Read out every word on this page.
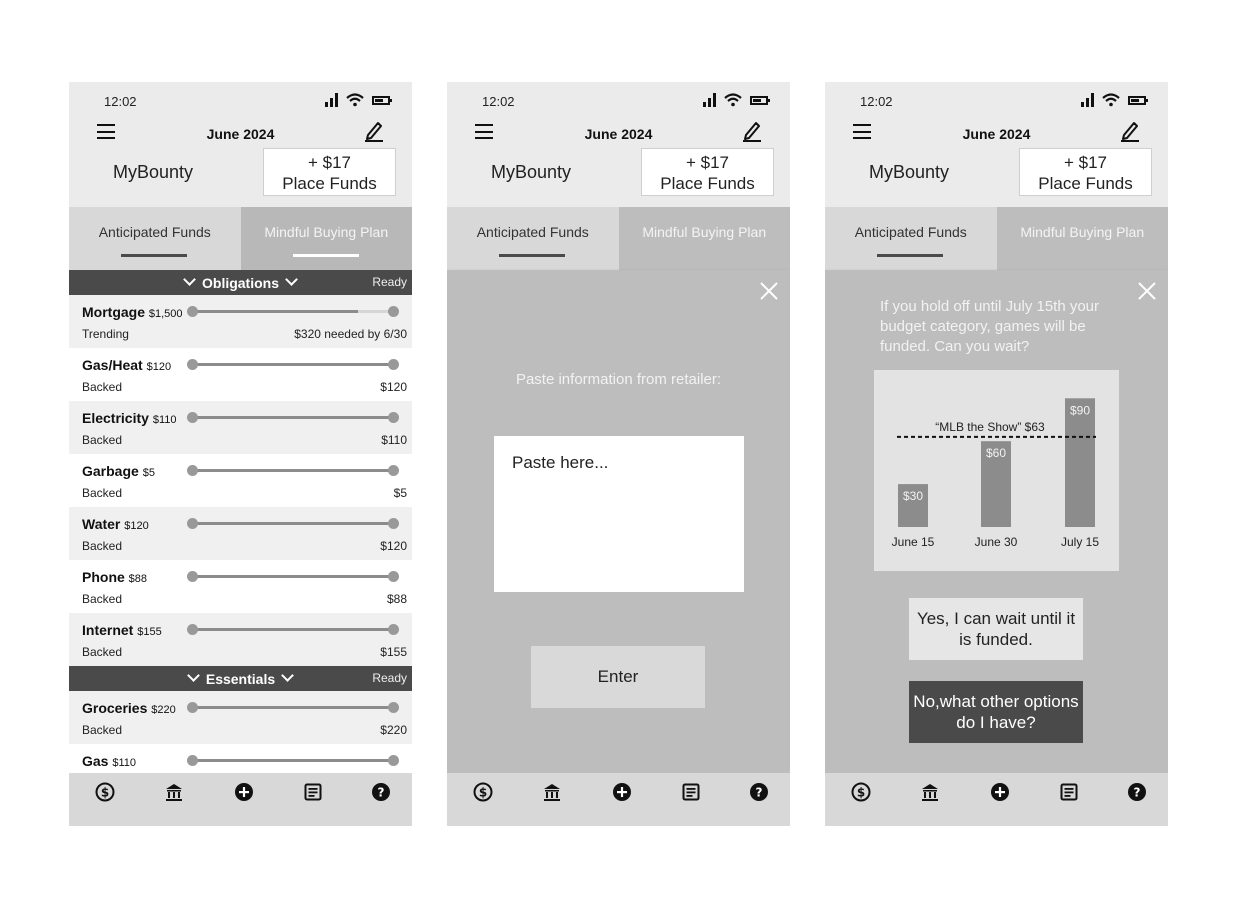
12:02
June 2024
MyBounty	+ $17
Place Funds
Anticipated Funds	Mindful Buying Plan
Obligations	Ready
Mortgage $1,500
Trending	$320 needed by 6/30
Gas/Heat $120
Backed	$120
Electricity $110
Backed	$110
Garbage $5
Backed	$5
Water $120
Backed	$120
Phone $88
Backed	$88
Internet $155
Backed	$155
Essentials	Ready
Groceries $220
Backed	$220
Gas $110
$	?
12:02
June 2024
MyBounty	+ $17
Place Funds
Anticipated Funds	Mindful Buying Plan
Paste information from retailer:
Paste here...
Enter
$	?
12:02
June 2024
MyBounty	+ $17
Place Funds
Anticipated Funds	Mindful Buying Plan
If you hold off until July 15th your budget category, games will be funded. Can you wait?
$30
June 15
$60
June 30
$90
July 15
“MLB the Show” $63
Yes, I can wait until it is funded.
No,what other options do I have?
$	?
